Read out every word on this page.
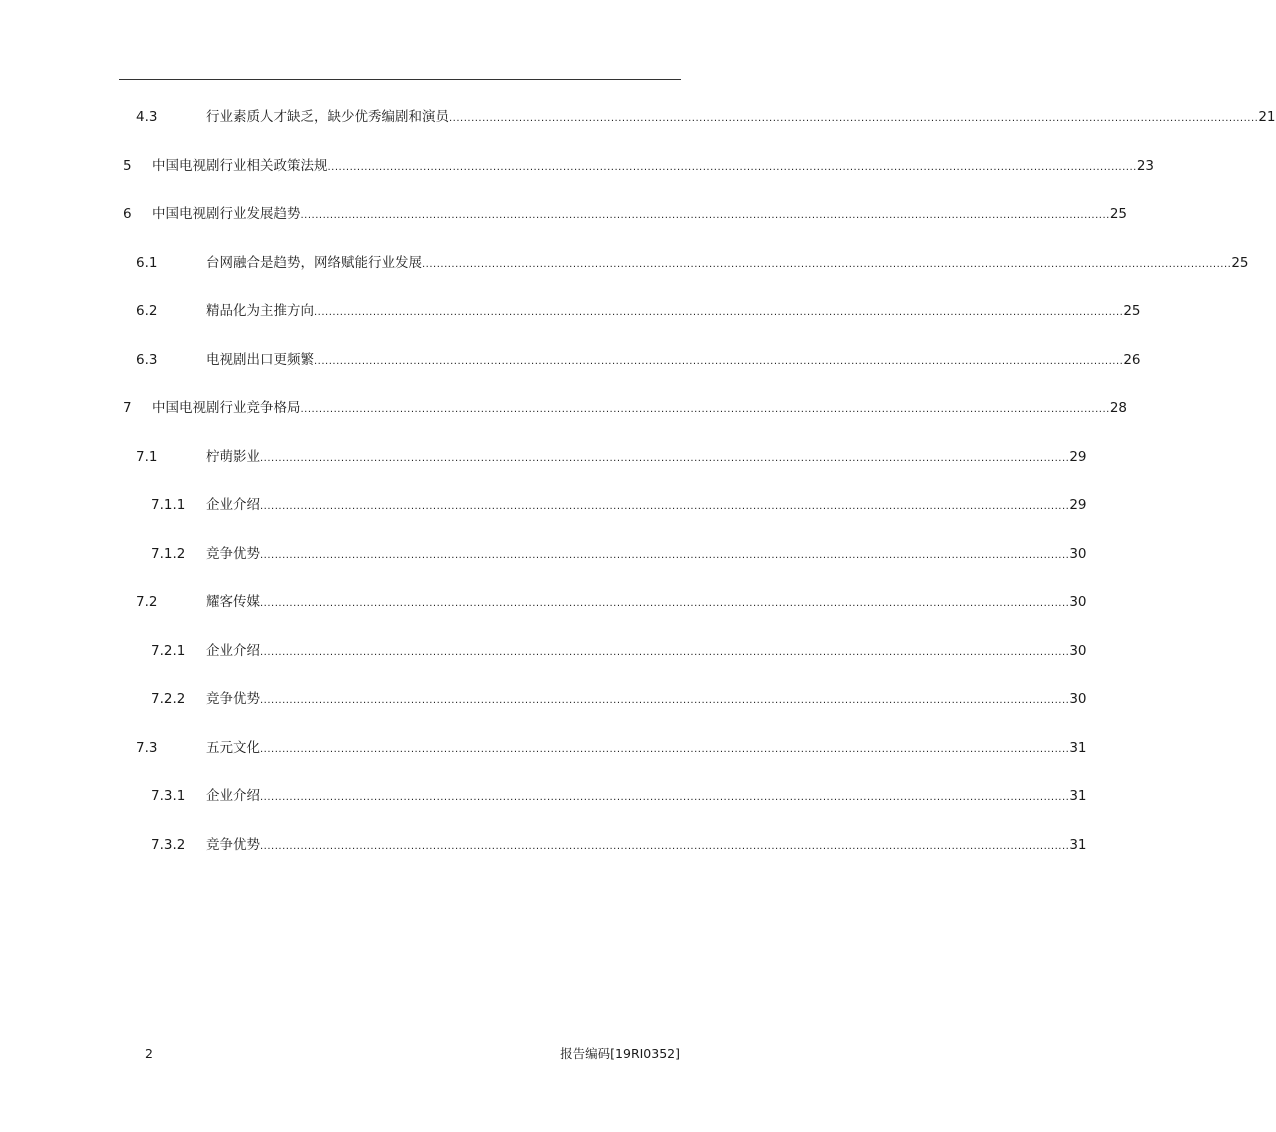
4.3	行业素质人才缺乏，缺少优秀编剧和演员 ............................................................................................................................................................................................................................ 21
5 中国电视剧行业相关政策法规 ............................................................................................................................................................................................................................ 23
6 中国电视剧行业发展趋势 ............................................................................................................................................................................................................................ 25
6.1	台网融合是趋势，网络赋能行业发展 ............................................................................................................................................................................................................................ 25
6.2	精品化为主推方向 ............................................................................................................................................................................................................................ 25
6.3	电视剧出口更频繁 ............................................................................................................................................................................................................................ 26
7 中国电视剧行业竞争格局 ............................................................................................................................................................................................................................ 28
7.1	柠萌影业 ............................................................................................................................................................................................................................ 29
7.1.1 企业介绍 ............................................................................................................................................................................................................................ 29
7.1.2 竞争优势 ............................................................................................................................................................................................................................ 30
7.2	耀客传媒 ............................................................................................................................................................................................................................ 30
7.2.1 企业介绍 ............................................................................................................................................................................................................................ 30
7.2.2 竞争优势 ............................................................................................................................................................................................................................ 30
7.3	五元文化 ............................................................................................................................................................................................................................ 31
7.3.1 企业介绍 ............................................................................................................................................................................................................................ 31
7.3.2 竞争优势 ............................................................................................................................................................................................................................ 31
2	报告编码[19RI0352]
